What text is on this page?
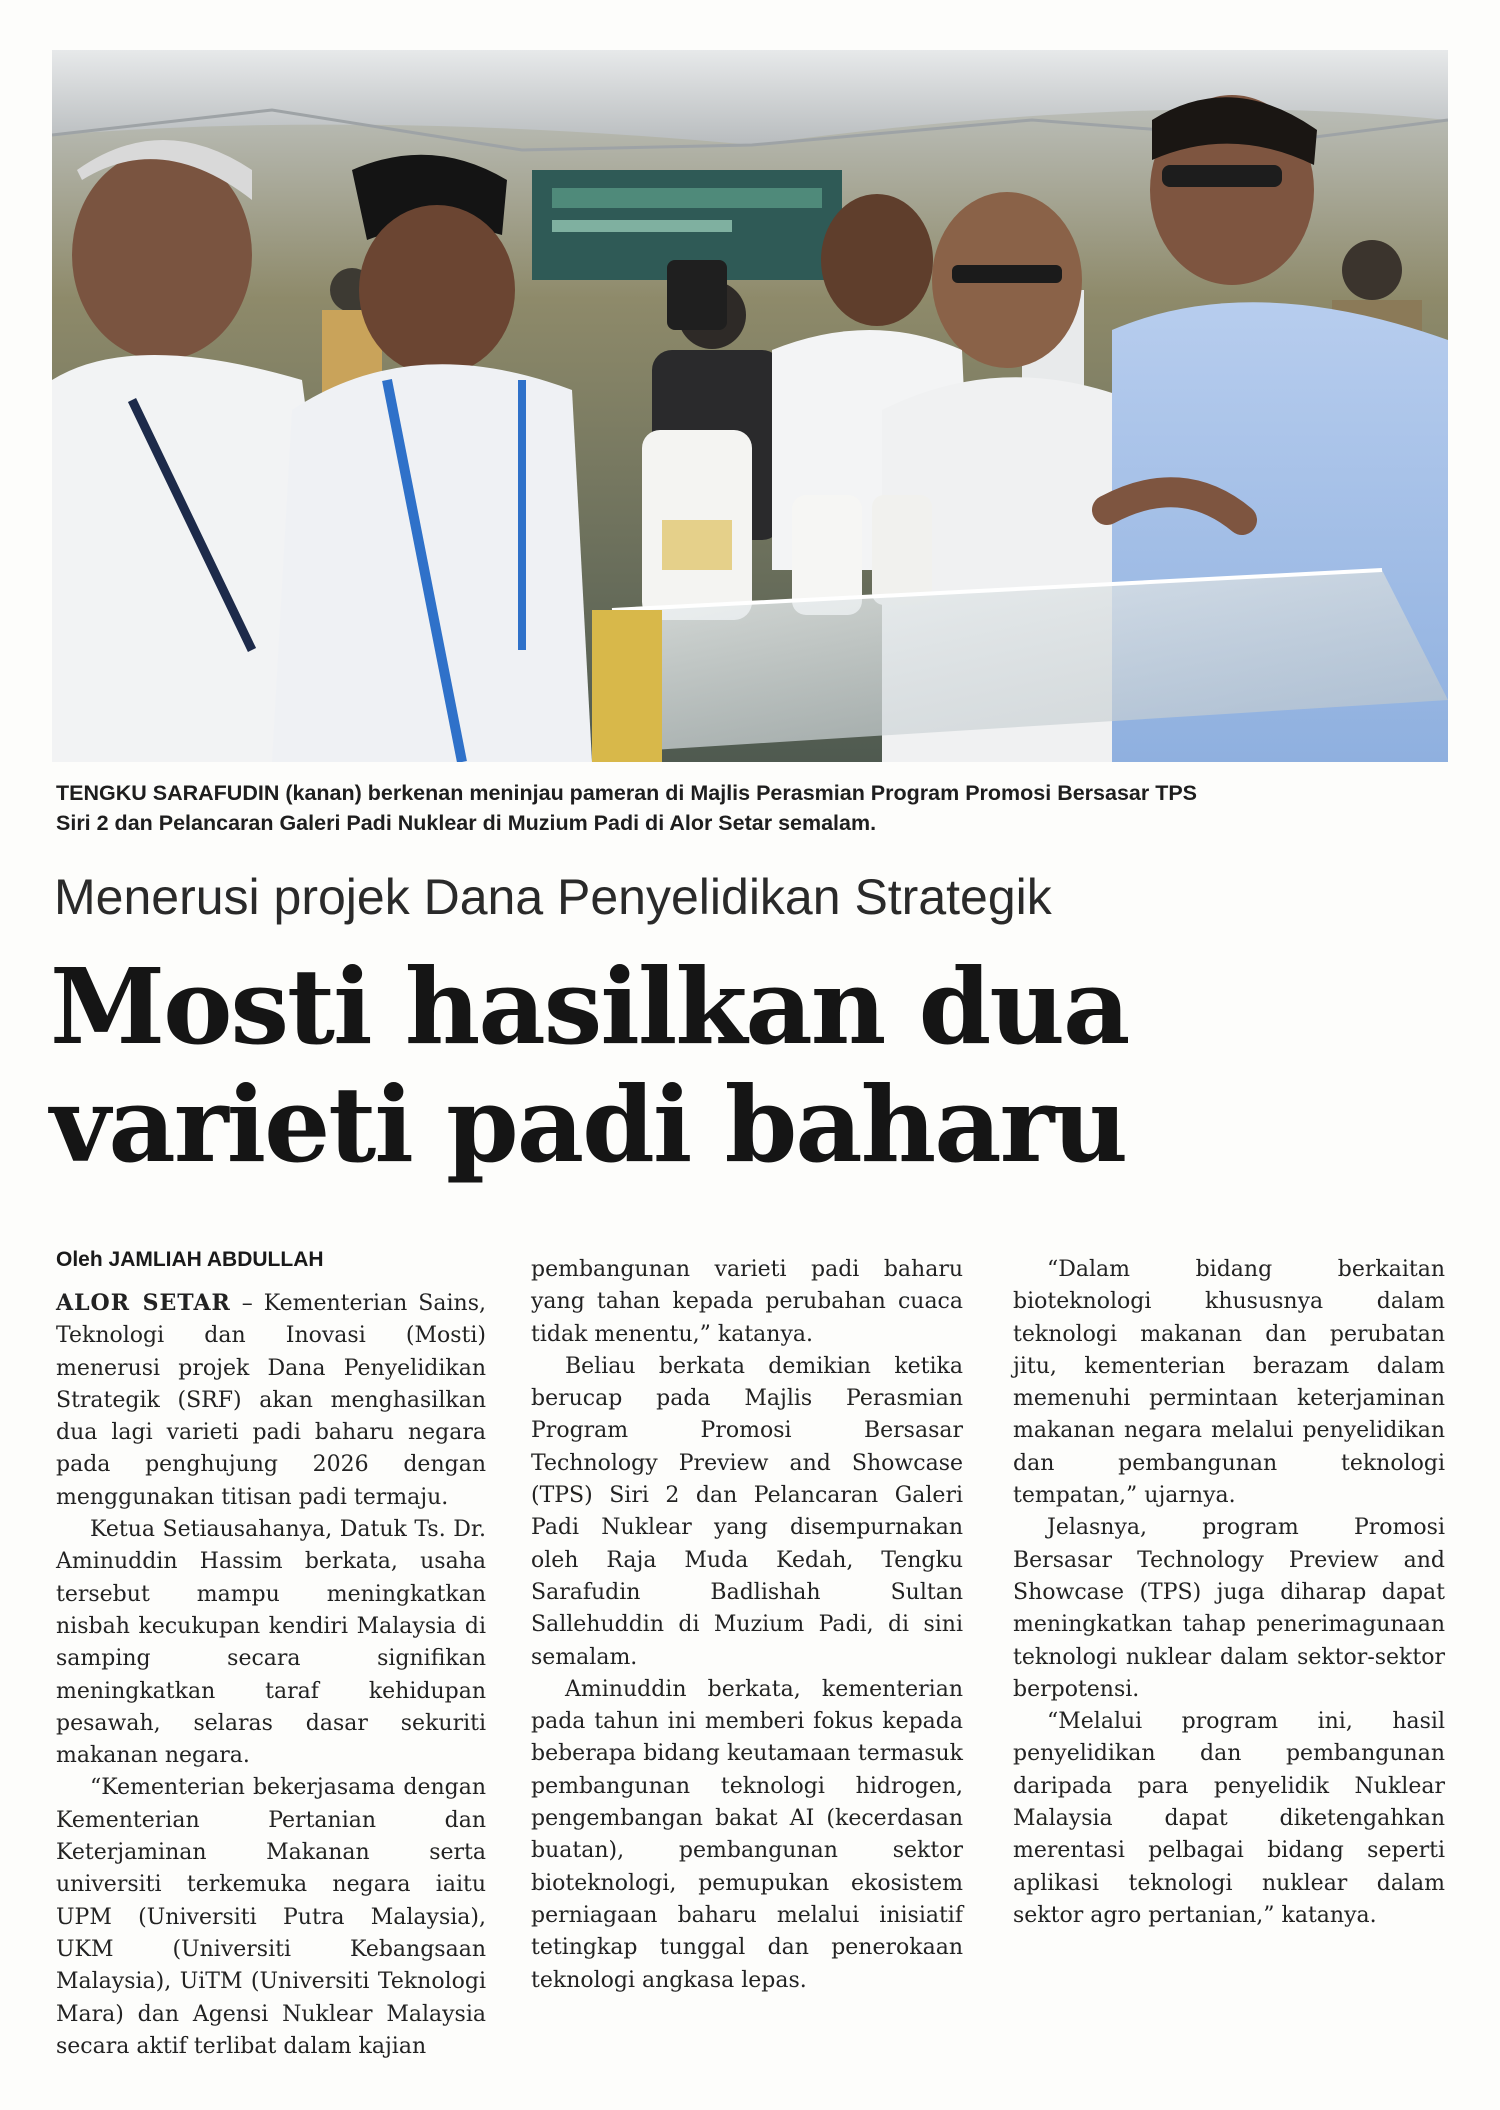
TENGKU SARAFUDIN (kanan) berkenan meninjau pameran di Majlis Perasmian Program Promosi Bersasar TPS

Siri 2 dan Pelancaran Galeri Padi Nuklear di Muzium Padi di Alor Setar semalam.

Menerusi projek Dana Penyelidikan Strategik
Mosti hasilkan dua
varieti padi baharu
Oleh JAMLIAH ABDULLAH

ALOR SETAR – Kementerian Sains, Teknologi dan Inovasi (Mosti) menerusi projek Dana Penyelidikan Strategik (SRF) akan menghasilkan dua lagi varieti padi baharu negara pada penghujung 2026 dengan menggunakan titisan padi termaju.

Ketua Setiausahanya, Datuk Ts. Dr. Aminuddin Hassim berkata, usaha tersebut mampu meningkatkan nisbah kecukupan kendiri Malaysia di samping secara signifikan meningkatkan taraf kehidupan pesawah, selaras dasar sekuriti makanan negara.

“Kementerian bekerjasama dengan Kementerian Pertanian dan Keterjaminan Makanan serta universiti terkemuka negara iaitu UPM (Universiti Putra Malaysia), UKM (Universiti Kebangsaan Malaysia), UiTM (Universiti Teknologi Mara) dan Agensi Nuklear Malaysia secara aktif terlibat dalam kajian

pembangunan varieti padi baharu yang tahan kepada perubahan cuaca tidak menentu,” katanya.

Beliau berkata demikian ketika berucap pada Majlis Perasmian Program Promosi Bersasar Technology Preview and Showcase (TPS) Siri 2 dan Pelancaran Galeri Padi Nuklear yang disempurnakan oleh Raja Muda Kedah, Tengku Sarafudin Badlishah Sultan Sallehuddin di Muzium Padi, di sini semalam.

Aminuddin berkata, kementerian pada tahun ini memberi fokus kepada beberapa bidang keutamaan termasuk pembangunan teknologi hidrogen, pengembangan bakat AI (kecerdasan buatan), pembangunan sektor bioteknologi, pemupukan ekosistem perniagaan baharu melalui inisiatif tetingkap tunggal dan penerokaan teknologi angkasa lepas.

“Dalam bidang berkaitan bioteknologi khususnya dalam teknologi makanan dan perubatan jitu, kementerian berazam dalam memenuhi permintaan keterjaminan makanan negara melalui penyelidikan dan pembangunan teknologi tempatan,” ujarnya.

Jelasnya, program Promosi Bersasar Technology Preview and Showcase (TPS) juga diharap dapat meningkatkan tahap penerimagunaan teknologi nuklear dalam sektor-sektor berpotensi.

“Melalui program ini, hasil penyelidikan dan pembangunan daripada para penyelidik Nuklear Malaysia dapat diketengahkan merentasi pelbagai bidang seperti aplikasi teknologi nuklear dalam sektor agro pertanian,” katanya.
